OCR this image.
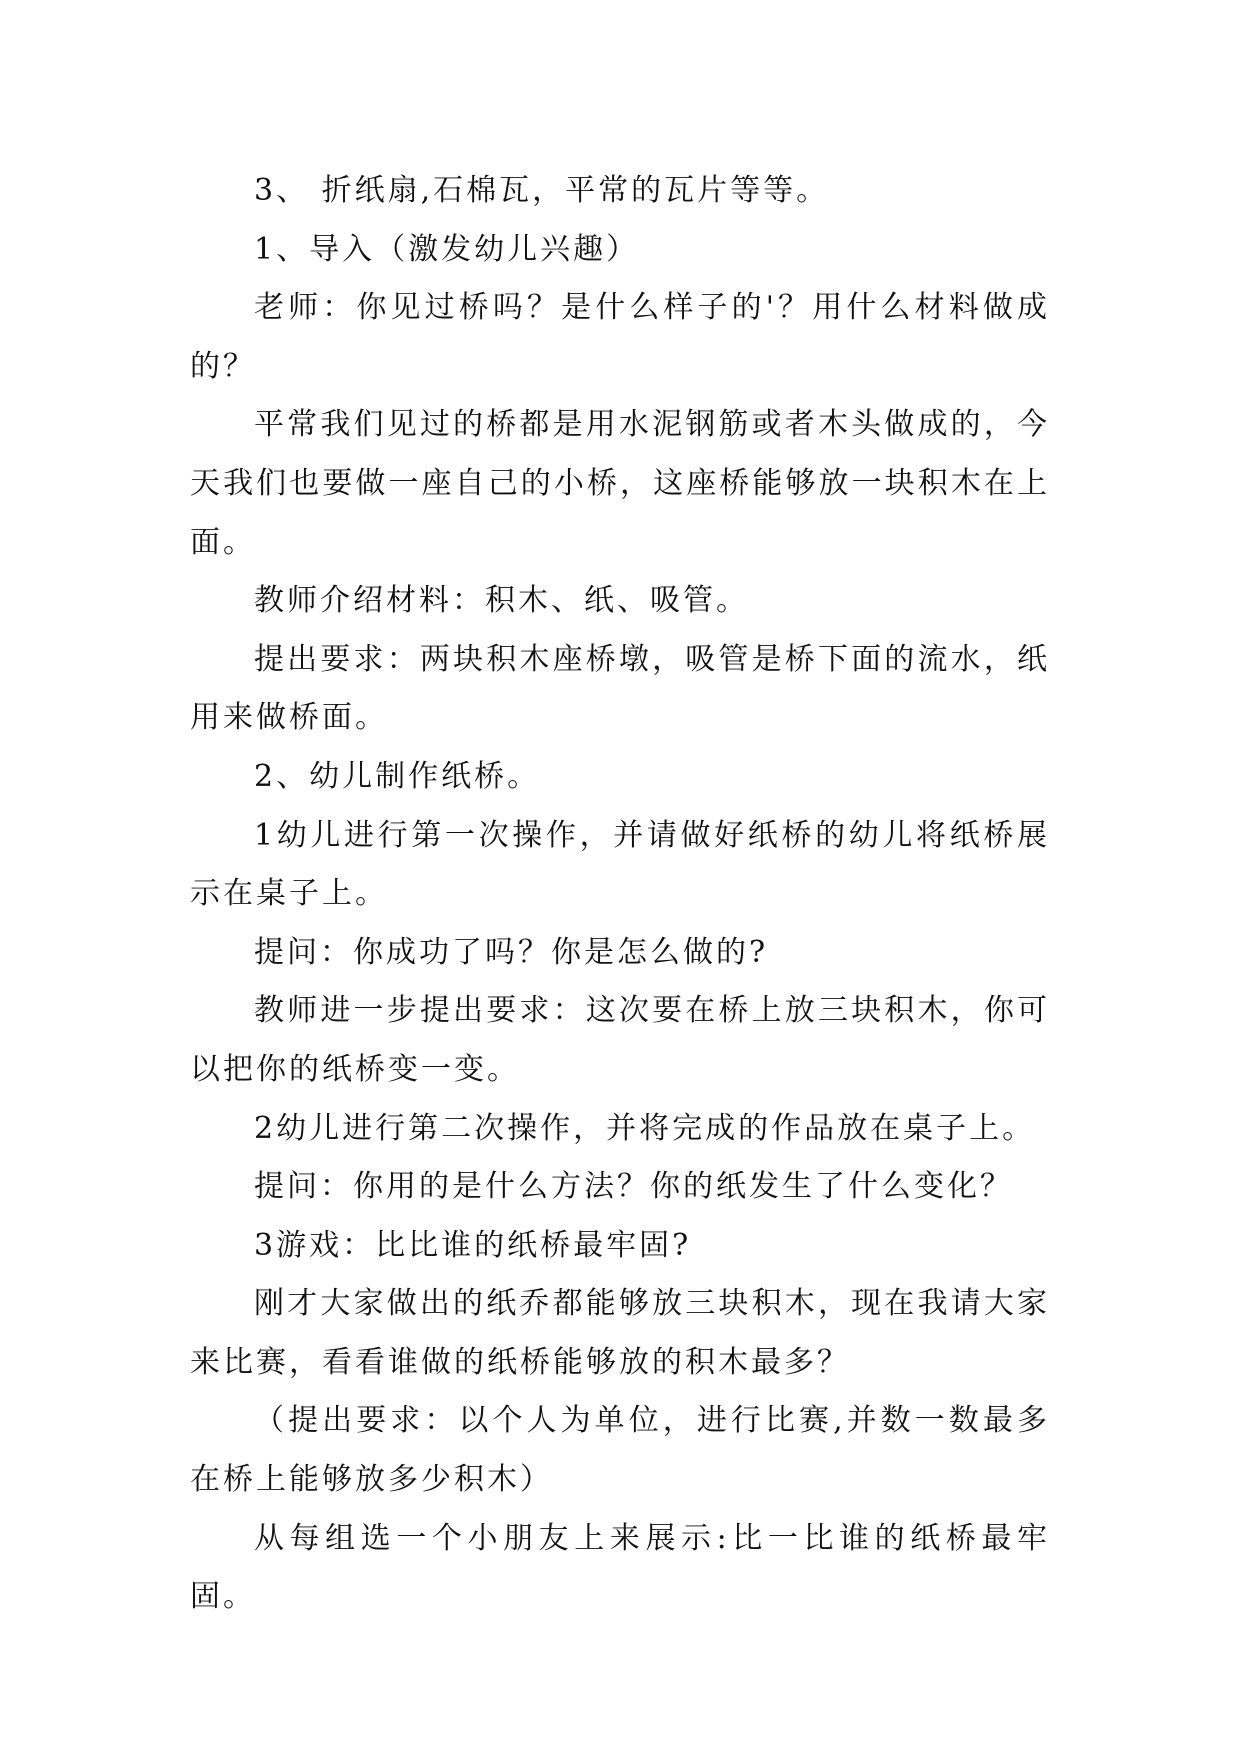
3、 折纸扇,石棉瓦，平常的瓦片等等。

1、导入（激发幼儿兴趣）

老师：你见过桥吗？是什么样子的'？用什么材料做成的？

平常我们见过的桥都是用水泥钢筋或者木头做成的，今天我们也要做一座自己的小桥，这座桥能够放一块积木在上面。

教师介绍材料：积木、纸、吸管。

提出要求：两块积木座桥墩，吸管是桥下面的流水，纸用来做桥面。

2、幼儿制作纸桥。

1幼儿进行第一次操作，并请做好纸桥的幼儿将纸桥展示在桌子上。

提问：你成功了吗？你是怎么做的?

教师进一步提出要求：这次要在桥上放三块积木，你可以把你的纸桥变一变。

2幼儿进行第二次操作，并将完成的作品放在桌子上。

提问：你用的是什么方法？你的纸发生了什么变化？

3游戏：比比谁的纸桥最牢固?

刚才大家做出的纸乔都能够放三块积木，现在我请大家来比赛，看看谁做的纸桥能够放的积木最多？

（提出要求：以个人为单位，进行比赛,并数一数最多在桥上能够放多少积木）

从每组选一个小朋友上来展示:比一比谁的纸桥最牢固。
